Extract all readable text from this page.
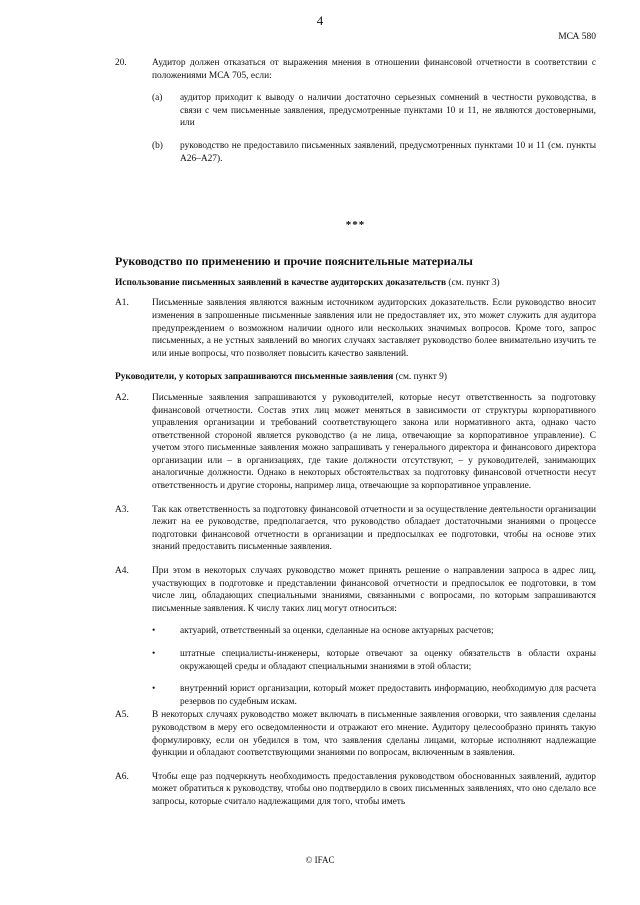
4
МСА 580
20.	Аудитор должен отказаться от выражения мнения в отношении финансовой отчетности в соответствии с положениями МСА 705, если:
(a) аудитор приходит к выводу о наличии достаточно серьезных сомнений в честности руководства, в связи с чем письменные заявления, предусмотренные пунктами 10 и 11, не являются достоверными, или
(b) руководство не предоставило письменных заявлений, предусмотренных пунктами 10 и 11 (см. пункты A26–A27).
***
Руководство по применению и прочие пояснительные материалы
Использование письменных заявлений в качестве аудиторских доказательств (см. пункт 3)
A1. Письменные заявления являются важным источником аудиторских доказательств. Если руководство вносит изменения в запрошенные письменные заявления или не предоставляет их, это может служить для аудитора предупреждением о возможном наличии одного или нескольких значимых вопросов. Кроме того, запрос письменных, а не устных заявлений во многих случаях заставляет руководство более внимательно изучить те или иные вопросы, что позволяет повысить качество заявлений.
Руководители, у которых запрашиваются письменные заявления (см. пункт 9)
A2. Письменные заявления запрашиваются у руководителей, которые несут ответственность за подготовку финансовой отчетности. Состав этих лиц может меняться в зависимости от структуры корпоративного управления организации и требований соответствующего закона или нормативного акта, однако часто ответственной стороной является руководство (а не лица, отвечающие за корпоративное управление). С учетом этого письменные заявления можно запрашивать у генерального директора и финансового директора организации или – в организациях, где такие должности отсутствуют, – у руководителей, занимающих аналогичные должности. Однако в некоторых обстоятельствах за подготовку финансовой отчетности несут ответственность и другие стороны, например лица, отвечающие за корпоративное управление.
A3. Так как ответственность за подготовку финансовой отчетности и за осуществление деятельности организации лежит на ее руководстве, предполагается, что руководство обладает достаточными знаниями о процессе подготовки финансовой отчетности в организации и предпосылках ее подготовки, чтобы на основе этих знаний предоставить письменные заявления.
A4. При этом в некоторых случаях руководство может принять решение о направлении запроса в адрес лиц, участвующих в подготовке и представлении финансовой отчетности и предпосылок ее подготовки, в том числе лиц, обладающих специальными знаниями, связанными с вопросами, по которым запрашиваются письменные заявления. К числу таких лиц могут относиться:
•	актуарий, ответственный за оценки, сделанные на основе актуарных расчетов;
•	штатные специалисты-инженеры, которые отвечают за оценку обязательств в области охраны окружающей среды и обладают специальными знаниями в этой области;
•	внутренний юрист организации, который может предоставить информацию, необходимую для расчета резервов по судебным искам.
A5. В некоторых случаях руководство может включать в письменные заявления оговорки, что заявления сделаны руководством в меру его осведомленности и отражают его мнение. Аудитору целесообразно принять такую формулировку, если он убедился в том, что заявления сделаны лицами, которые исполняют надлежащие функции и обладают соответствующими знаниями по вопросам, включенным в заявления.
A6. Чтобы еще раз подчеркнуть необходимость предоставления руководством обоснованных заявлений, аудитор может обратиться к руководству, чтобы оно подтвердило в своих письменных заявлениях, что оно сделало все запросы, которые считало надлежащими для того, чтобы иметь
© IFAC
